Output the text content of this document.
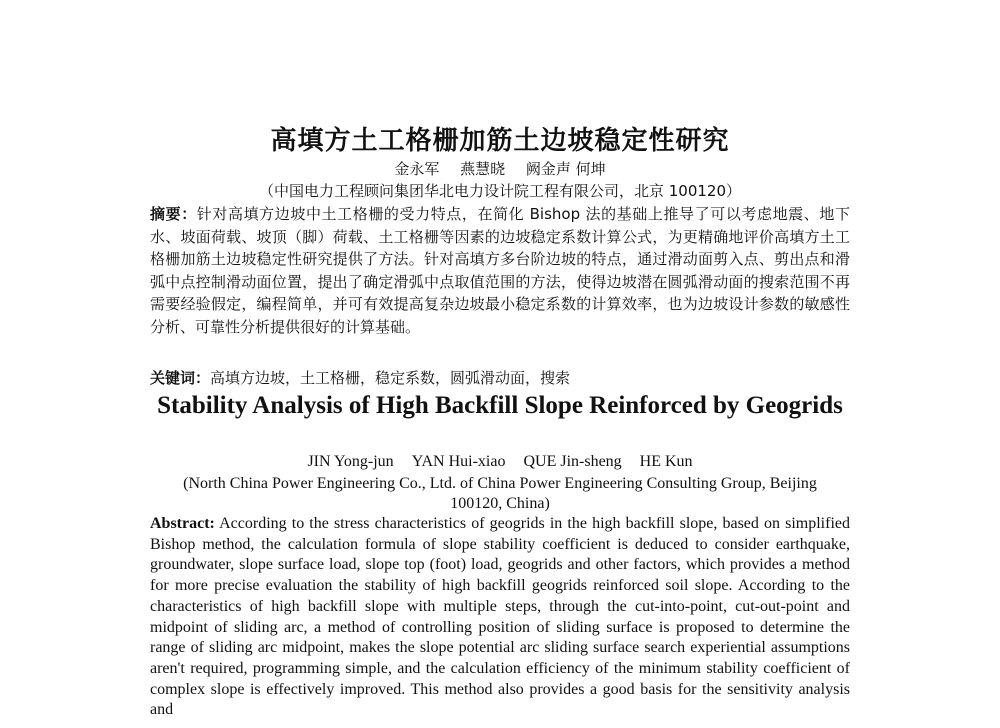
高填方土工格栅加筋土边坡稳定性研究
金永军 燕慧晓 阙金声 何坤
（中国电力工程顾问集团华北电力设计院工程有限公司，北京 100120）
摘要：针对高填方边坡中土工格栅的受力特点，在简化 Bishop 法的基础上推导了可以考虑地震、地下水、坡面荷载、坡顶（脚）荷载、土工格栅等因素的边坡稳定系数计算公式，为更精确地评价高填方土工格栅加筋土边坡稳定性研究提供了方法。针对高填方多台阶边坡的特点，通过滑动面剪入点、剪出点和滑弧中点控制滑动面位置，提出了确定滑弧中点取值范围的方法，使得边坡潜在圆弧滑动面的搜索范围不再需要经验假定，编程简单，并可有效提高复杂边坡最小稳定系数的计算效率，也为边坡设计参数的敏感性分析、可靠性分析提供很好的计算基础。
关键词：高填方边坡，土工格栅，稳定系数，圆弧滑动面，搜索
Stability Analysis of High Backfill Slope Reinforced by Geogrids
JIN Yong-jun YAN Hui-xiao QUE Jin-sheng HE Kun
(North China Power Engineering Co., Ltd. of China Power Engineering Consulting Group, Beijing 100120, China)
Abstract: According to the stress characteristics of geogrids in the high backfill slope, based on simplified Bishop method, the calculation formula of slope stability coefficient is deduced to consider earthquake, groundwater, slope surface load, slope top (foot) load, geogrids and other factors, which provides a method for more precise evaluation the stability of high backfill geogrids reinforced soil slope. According to the characteristics of high backfill slope with multiple steps, through the cut-into-point, cut-out-point and midpoint of sliding arc, a method of controlling position of sliding surface is proposed to determine the range of sliding arc midpoint, makes the slope potential arc sliding surface search experiential assumptions aren't required, programming simple, and the calculation efficiency of the minimum stability coefficient of complex slope is effectively improved. This method also provides a good basis for the sensitivity analysis and
